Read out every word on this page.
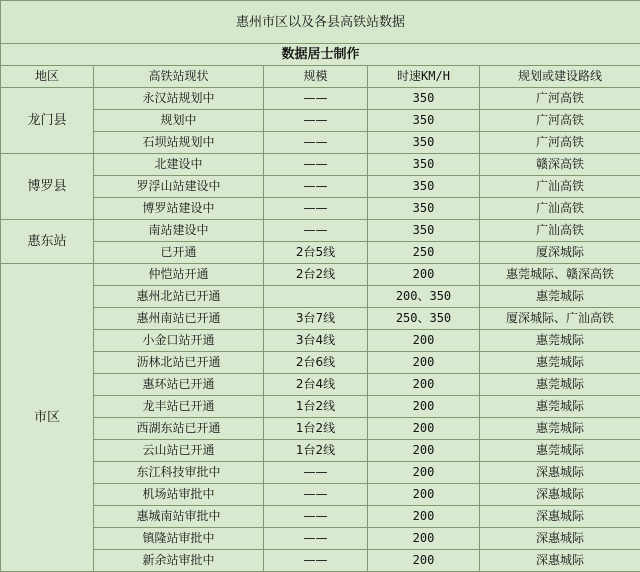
惠州市区以及各县高铁站数据				
数据居士制作				
地区	高铁站现状	规模	时速KM/H	规划或建设路线
龙门县	永汉站规划中	——	350	广河高铁
	规划中	——	350	广河高铁
	石坝站规划中	——	350	广河高铁
博罗县	北建设中	——	350	赣深高铁
	罗浮山站建设中	——	350	广汕高铁
	博罗站建设中	——	350	广汕高铁
惠东站	南站建设中	——	350	广汕高铁
	已开通	2台5线	250	厦深城际
市区	仲恺站开通	2台2线	200	惠莞城际、赣深高铁
	惠州北站已开通		200、350	惠莞城际
	惠州南站已开通	3台7线	250、350	厦深城际、广汕高铁
	小金口站开通	3台4线	200	惠莞城际
	沥林北站已开通	2台6线	200	惠莞城际
	惠环站已开通	2台4线	200	惠莞城际
	龙丰站已开通	1台2线	200	惠莞城际
	西湖东站已开通	1台2线	200	惠莞城际
	云山站已开通	1台2线	200	惠莞城际
	东江科技审批中	——	200	深惠城际
	机场站审批中	——	200	深惠城际
	惠城南站审批中	——	200	深惠城际
	镇隆站审批中	——	200	深惠城际
	新余站审批中	——	200	深惠城际
